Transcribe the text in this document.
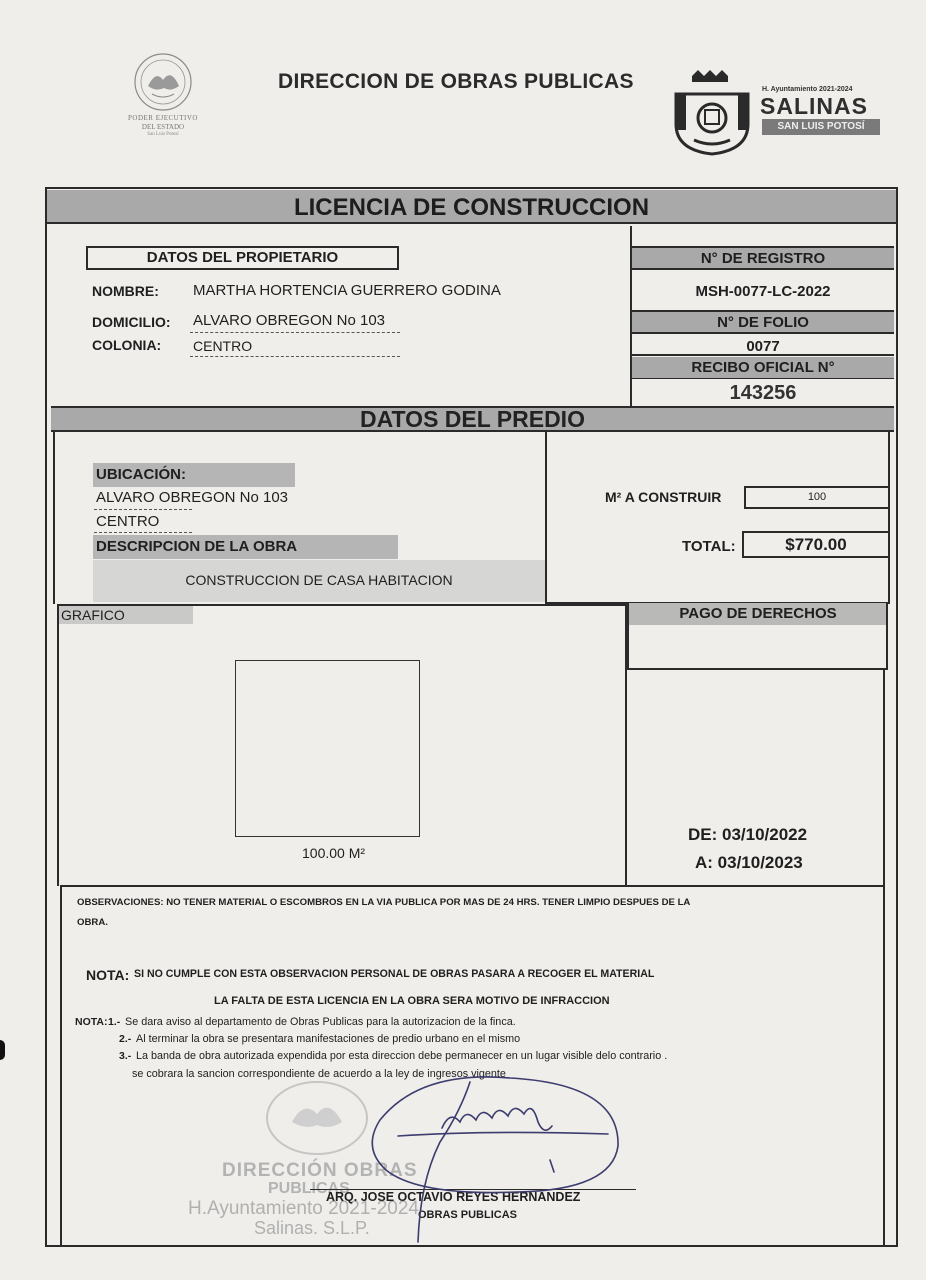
PODER EJECUTIVO
DEL ESTADO
San Luis Potosí
DIRECCION DE OBRAS PUBLICAS	H. Ayuntamiento 2021-2024
SALINAS
SAN LUIS POTOSÍ
LICENCIA DE CONSTRUCCION
DATOS DEL PROPIETARIO
NOMBRE: MARTHA HORTENCIA GUERRERO GODINA
DOMICILIO: ALVARO OBREGON No 103
COLONIA: CENTRO
N° DE REGISTRO
MSH-0077-LC-2022
N° DE FOLIO
0077
RECIBO OFICIAL N°
143256
DATOS DEL PREDIO
UBICACIÓN:
ALVARO OBREGON No 103
CENTRO
DESCRIPCION DE LA OBRA
CONSTRUCCION DE CASA HABITACION
M² A CONSTRUIR	100
TOTAL:	$770.00
GRAFICO
100.00 M²
PAGO DE DERECHOS
DE: 03/10/2022
A: 03/10/2023
OBSERVACIONES: NO TENER MATERIAL O ESCOMBROS EN LA VIA PUBLICA POR MAS DE 24 HRS. TENER LIMPIO DESPUES DE LA
OBRA.
NOTA: SI NO CUMPLE CON ESTA OBSERVACION PERSONAL DE OBRAS PASARA A RECOGER EL MATERIAL
LA FALTA DE ESTA LICENCIA EN LA OBRA SERA MOTIVO DE INFRACCION
NOTA: 1.- Se dara aviso al departamento de Obras Publicas para la autorizacion de la finca.
2.- Al terminar la obra se presentara manifestaciones de predio urbano en el mismo
3.- La banda de obra autorizada expendida por esta direccion debe permanecer en un lugar visible delo contrario .
se cobrara la sancion correspondiente de acuerdo a la ley de ingresos vigente
DIRECCIÓN OBRAS
PUBLICAS
H.Ayuntamiento 2021-2024
Salinas. S.L.P.
ARQ. JOSE OCTAVIO REYES HERNANDEZ
OBRAS PUBLICAS
